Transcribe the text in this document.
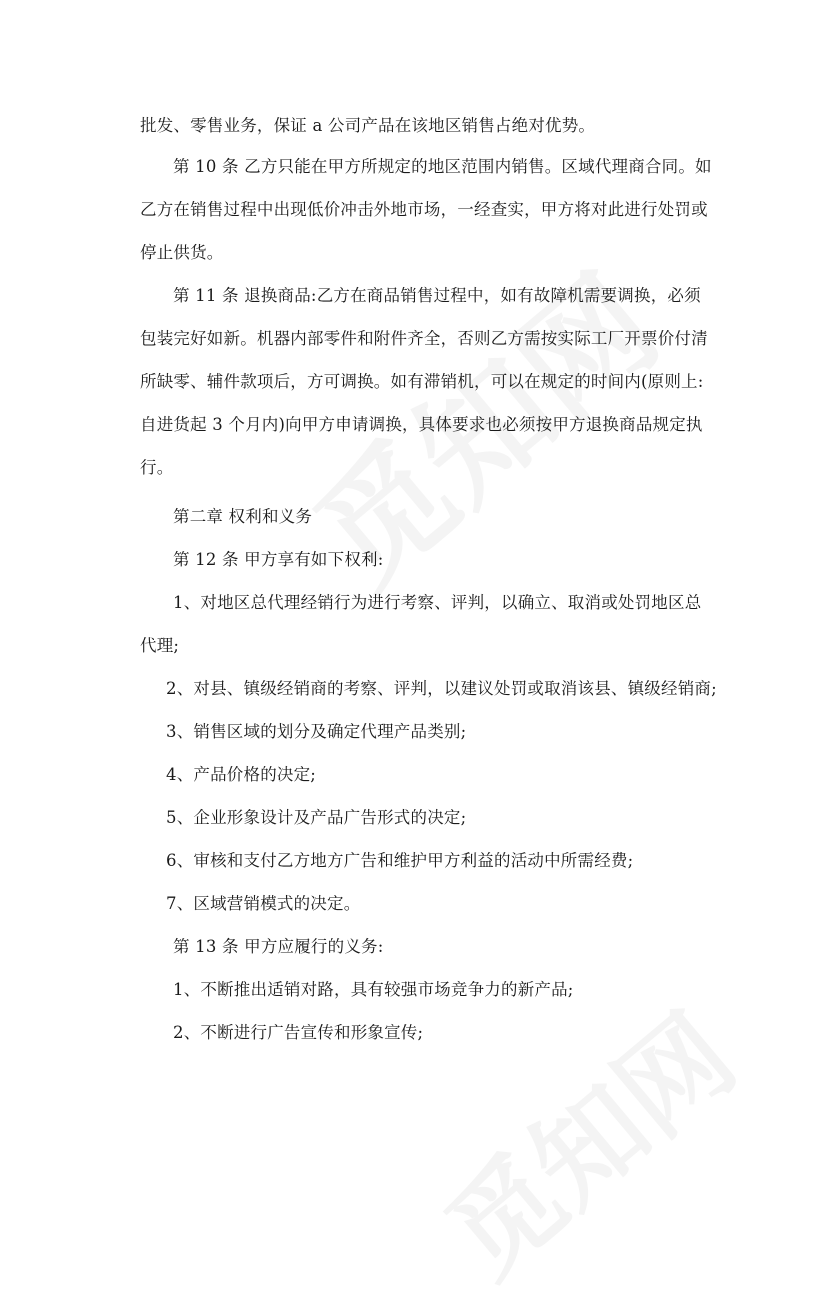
批发、零售业务，保证 a 公司产品在该地区销售占绝对优势。
第 10 条 乙方只能在甲方所规定的地区范围内销售。区域代理商合同。如
乙方在销售过程中出现低价冲击外地市场，一经查实，甲方将对此进行处罚或
停止供货。
第 11 条 退换商品:乙方在商品销售过程中，如有故障机需要调换，必须
包装完好如新。机器内部零件和附件齐全，否则乙方需按实际工厂开票价付清
所缺零、辅件款项后，方可调换。如有滞销机，可以在规定的时间内(原则上:
自进货起 3 个月内)向甲方申请调换，具体要求也必须按甲方退换商品规定执
行。
第二章 权利和义务
第 12 条 甲方享有如下权利:
1、对地区总代理经销行为进行考察、评判，以确立、取消或处罚地区总
代理;
2、对县、镇级经销商的考察、评判，以建议处罚或取消该县、镇级经销商;
3、销售区域的划分及确定代理产品类别;
4、产品价格的决定;
5、企业形象设计及产品广告形式的决定;
6、审核和支付乙方地方广告和维护甲方利益的活动中所需经费;
7、区域营销模式的决定。
第 13 条 甲方应履行的义务:
1、不断推出适销对路，具有较强市场竞争力的新产品;
2、不断进行广告宣传和形象宣传;
